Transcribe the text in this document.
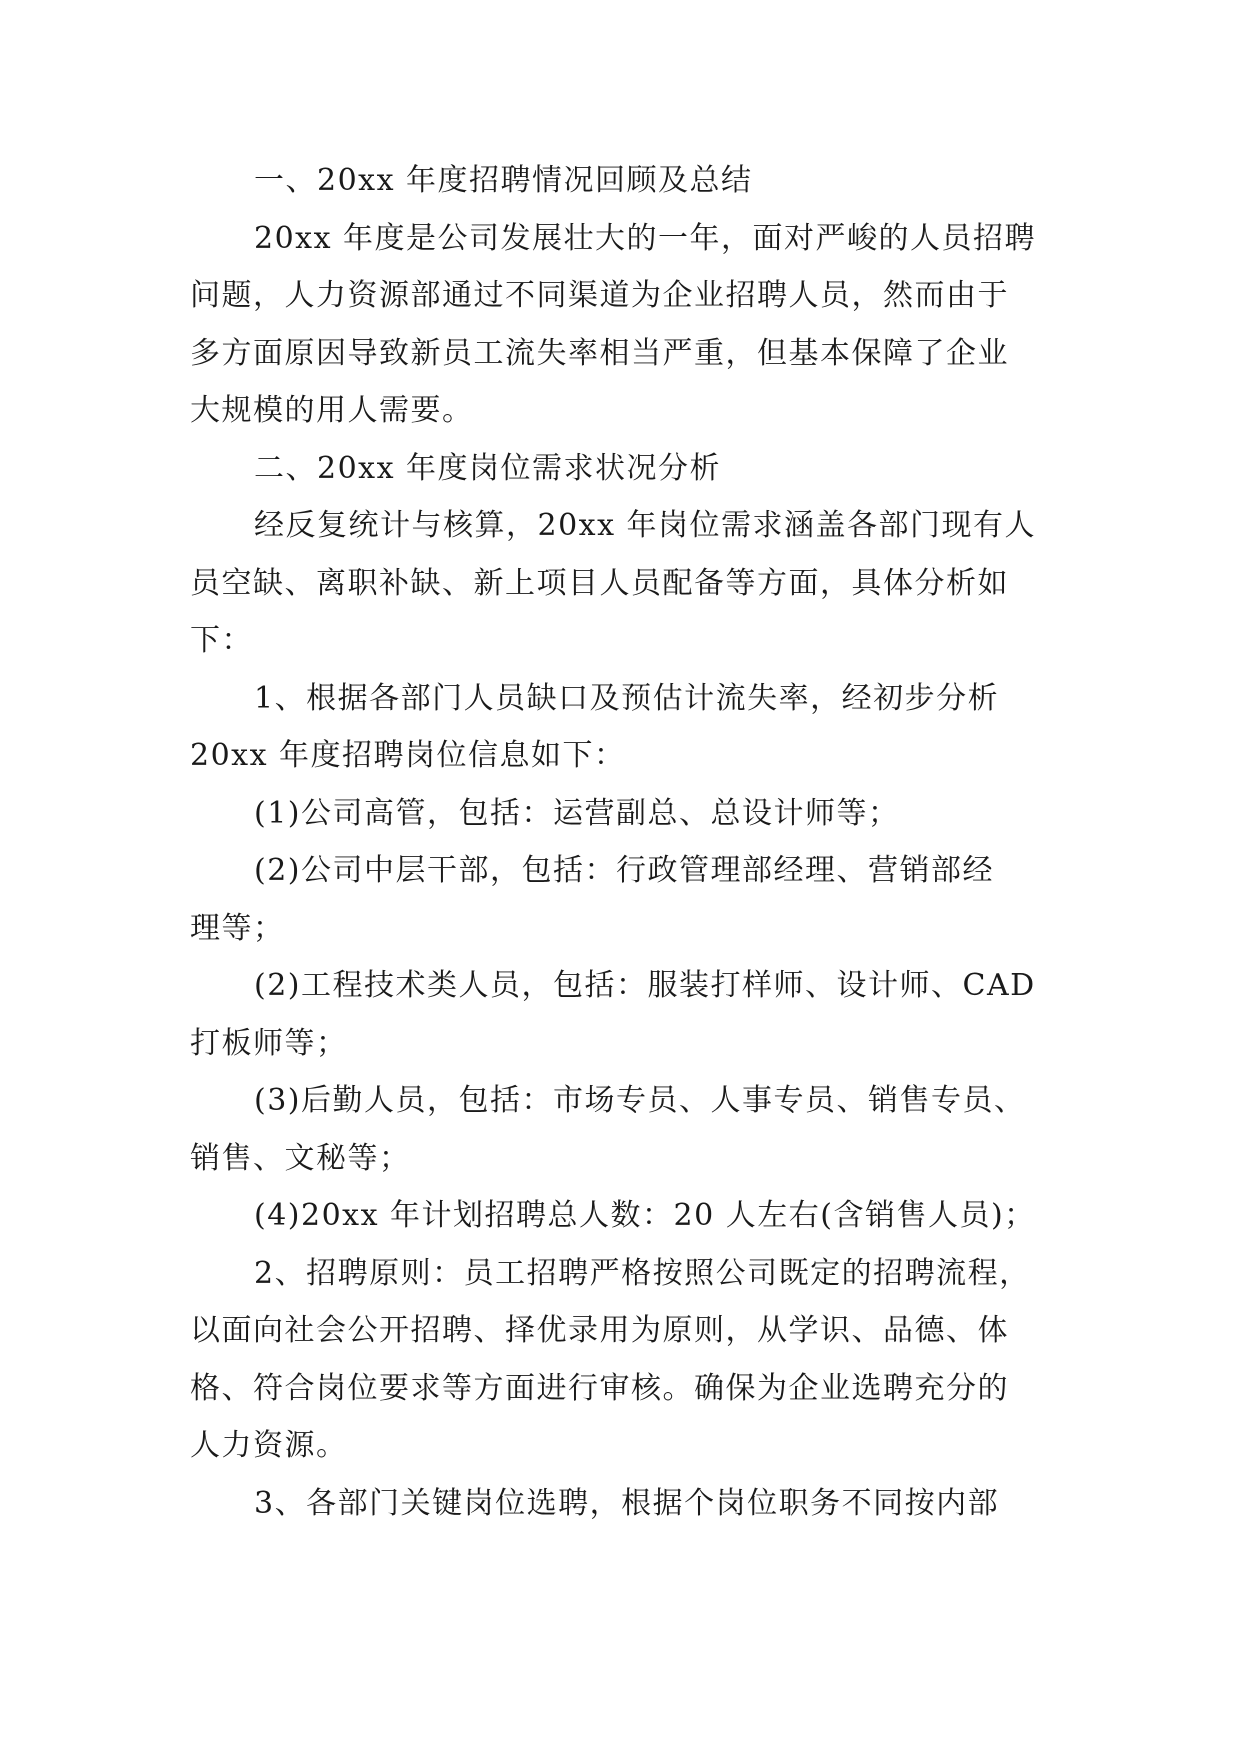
一、20xx 年度招聘情况回顾及总结
20xx 年度是公司发展壮大的一年，面对严峻的人员招聘
问题，人力资源部通过不同渠道为企业招聘人员，然而由于
多方面原因导致新员工流失率相当严重，但基本保障了企业
大规模的用人需要。
二、20xx 年度岗位需求状况分析
经反复统计与核算，20xx 年岗位需求涵盖各部门现有人
员空缺、离职补缺、新上项目人员配备等方面，具体分析如
下：
1、根据各部门人员缺口及预估计流失率，经初步分析
20xx 年度招聘岗位信息如下：
(1)公司高管，包括：运营副总、总设计师等；
(2)公司中层干部，包括：行政管理部经理、营销部经
理等；
(2)工程技术类人员，包括：服装打样师、设计师、CAD
打板师等；
(3)后勤人员，包括：市场专员、人事专员、销售专员、
销售、文秘等；
(4)20xx 年计划招聘总人数：20 人左右(含销售人员)；
2、招聘原则：员工招聘严格按照公司既定的招聘流程，
以面向社会公开招聘、择优录用为原则，从学识、品德、体
格、符合岗位要求等方面进行审核。确保为企业选聘充分的
人力资源。
3、各部门关键岗位选聘，根据个岗位职务不同按内部
